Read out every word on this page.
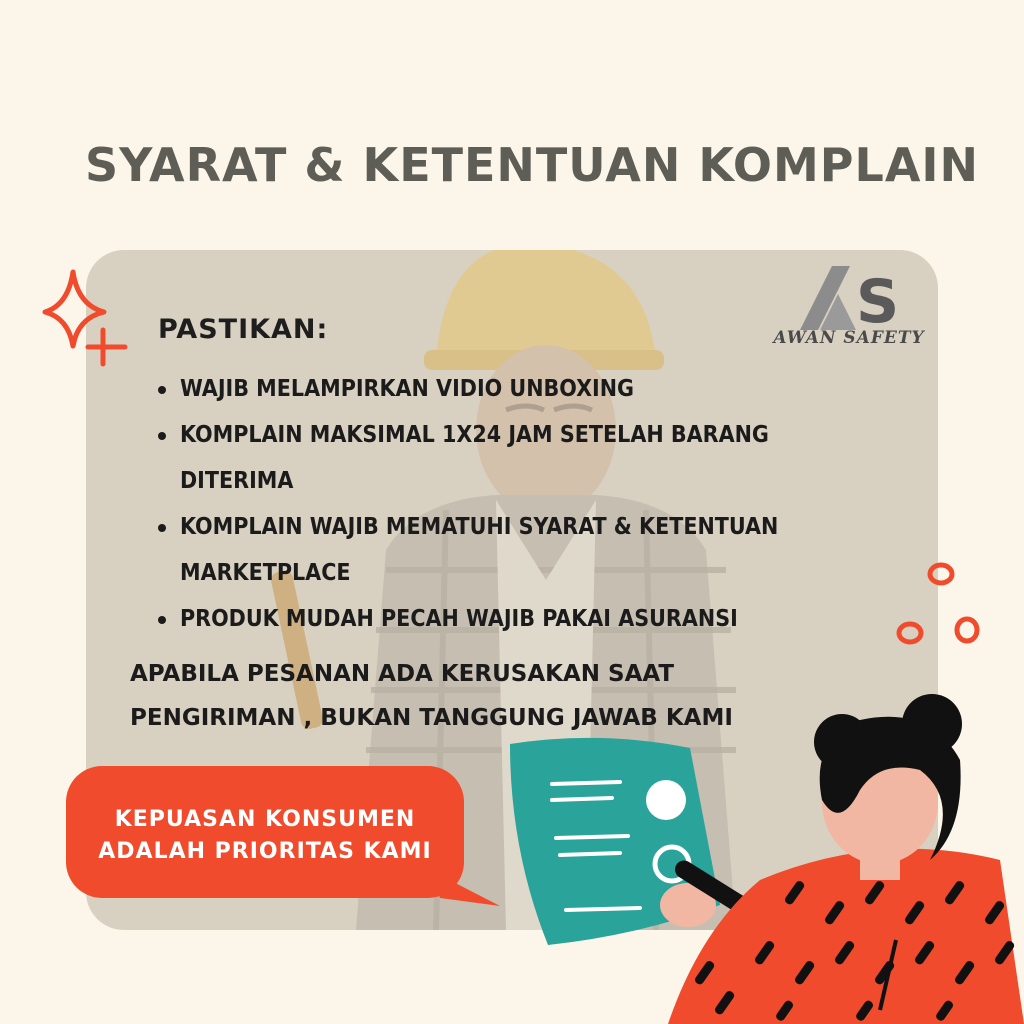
SYARAT & KETENTUAN KOMPLAIN
S
AWAN SAFETY
PASTIKAN:
WAJIB MELAMPIRKAN VIDIO UNBOXING
KOMPLAIN MAKSIMAL 1X24 JAM SETELAH BARANG DITERIMA
KOMPLAIN WAJIB MEMATUHI SYARAT & KETENTUAN MARKETPLACE
PRODUK MUDAH PECAH WAJIB PAKAI ASURANSI
APABILA PESANAN ADA KERUSAKAN SAAT PENGIRIMAN , BUKAN TANGGUNG JAWAB KAMI
KEPUASAN KONSUMEN
ADALAH PRIORITAS KAMI
